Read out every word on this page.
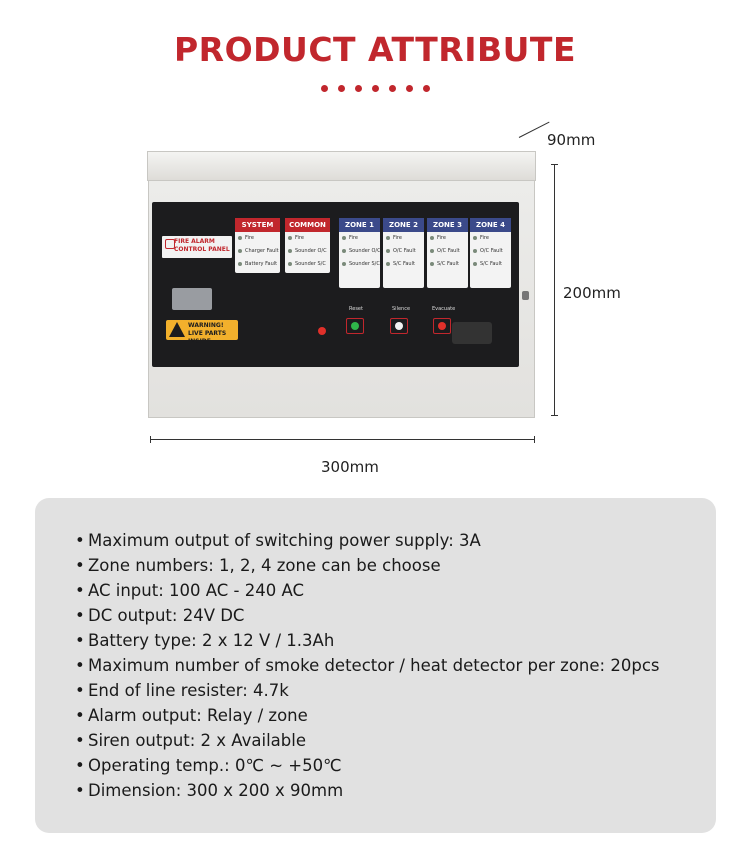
PRODUCT ATTRIBUTE
FIRE ALARM CONTROL PANEL
WARNING! LIVE PARTS INSIDE
SYSTEM
Fire
Charger Fault
Battery Fault
COMMON
Fire
Sounder O/C
Sounder S/C
ZONE 1
Fire
Sounder O/C
Sounder S/C
ZONE 2
Fire
O/C Fault
S/C Fault
ZONE 3
Fire
O/C Fault
S/C Fault
ZONE 4
Fire
O/C Fault
S/C Fault
Reset	Silence	Evacuate
90mm
200mm
300mm
• Maximum output of switching power supply: 3A
• Zone numbers: 1, 2, 4 zone can be choose
• AC input: 100 AC - 240 AC
• DC output: 24V DC
• Battery type: 2 x 12 V / 1.3Ah
• Maximum number of smoke detector / heat detector per zone: 20pcs
• End of line resister: 4.7k
• Alarm output: Relay / zone
• Siren output: 2 x Available
• Operating temp.: 0℃ ~ +50℃
• Dimension: 300 x 200 x 90mm
